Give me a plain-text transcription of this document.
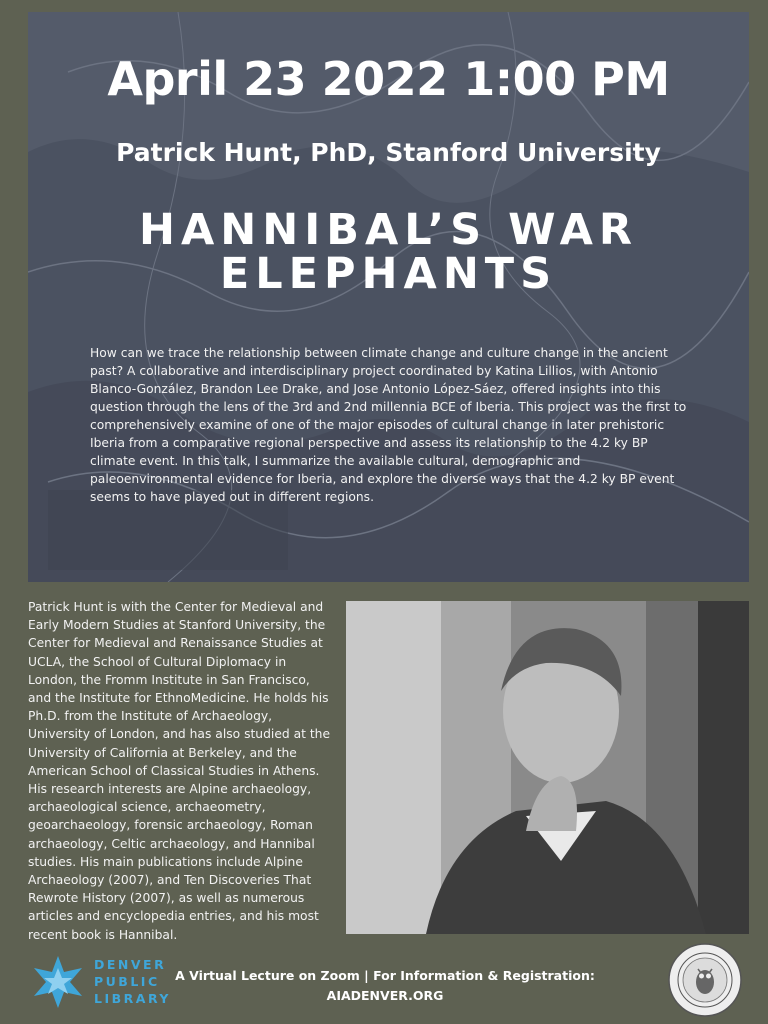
April 23 2022 1:00 PM
Patrick Hunt, PhD, Stanford University
HANNIBAL’S WAR
ELEPHANTS
How can we trace the relationship between climate change and culture change in the ancient past? A collaborative and interdisciplinary project coordinated by Katina Lillios, with Antonio Blanco-González, Brandon Lee Drake, and Jose Antonio López-Sáez, offered insights into this question through the lens of the 3rd and 2nd millennia BCE of Iberia. This project was the first to comprehensively examine of one of the major episodes of cultural change in later prehistoric Iberia from a comparative regional perspective and assess its relationship to the 4.2 ky BP climate event. In this talk, I summarize the available cultural, demographic and paleoenvironmental evidence for Iberia, and explore the diverse ways that the 4.2 ky BP event seems to have played out in different regions.
Patrick Hunt is with the Center for Medieval and Early Modern Studies at Stanford University, the Center for Medieval and Renaissance Studies at UCLA, the School of Cultural Diplomacy in London, the Fromm Institute in San Francisco, and the Institute for EthnoMedicine. He holds his Ph.D. from the Institute of Archaeology, University of London, and has also studied at the University of California at Berkeley, and the American School of Classical Studies in Athens. His research interests are Alpine archaeology, archaeological science, archaeometry, geoarchaeology, forensic archaeology, Roman archaeology, Celtic archaeology, and Hannibal studies. His main publications include Alpine Archaeology (2007), and Ten Discoveries That Rewrote History (2007), as well as numerous articles and encyclopedia entries, and his most recent book is Hannibal.
DENVER
PUBLIC
LIBRARY
A Virtual Lecture on Zoom | For Information & Registration:
AIADENVER.ORG
